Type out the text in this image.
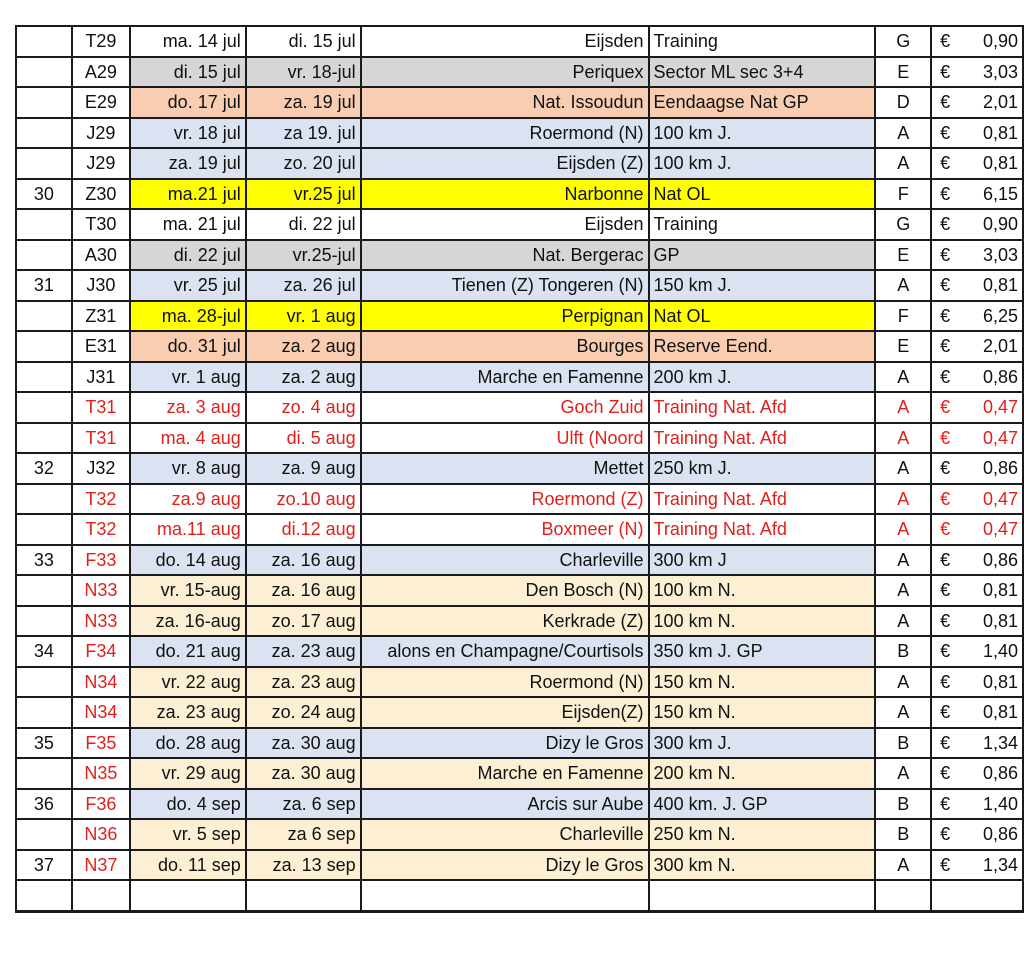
	T29	ma. 14 jul	di. 15 jul	Eijsden	Training	G	€ 0,90

	A29	di. 15 jul	vr. 18-jul	Periquex	Sector ML sec 3+4	E	€ 3,03

	E29	do. 17 jul	za. 19 jul	Nat. Issoudun	Eendaagse Nat GP	D	€ 2,01

	J29	vr. 18 jul	za 19. jul	Roermond (N)	100 km J.	A	€ 0,81

	J29	za. 19 jul	zo. 20 jul	Eijsden (Z)	100 km J.	A	€ 0,81

30	Z30	ma.21 jul	vr.25 jul	Narbonne	Nat OL	F	€ 6,15

	T30	ma. 21 jul	di. 22 jul	Eijsden	Training	G	€ 0,90

	A30	di. 22 jul	vr.25-jul	Nat. Bergerac	GP	E	€ 3,03

31	J30	vr. 25 jul	za. 26 jul	Tienen (Z) Tongeren (N)	150 km J.	A	€ 0,81

	Z31	ma. 28-jul	vr. 1 aug	Perpignan	Nat OL	F	€ 6,25

	E31	do. 31 jul	za. 2 aug	Bourges	Reserve Eend.	E	€ 2,01

	J31	vr. 1 aug	za. 2 aug	Marche en Famenne	200 km J.	A	€ 0,86

	T31	za. 3 aug	zo. 4 aug	Goch Zuid	Training Nat. Afd	A	€ 0,47

	T31	ma. 4 aug	di. 5 aug	Ulft (Noord	Training Nat. Afd	A	€ 0,47

32	J32	vr. 8 aug	za. 9 aug	Mettet	250 km J.	A	€ 0,86

	T32	za.9 aug	zo.10 aug	Roermond (Z)	Training Nat. Afd	A	€ 0,47

	T32	ma.11 aug	di.12 aug	Boxmeer (N)	Training Nat. Afd	A	€ 0,47

33	F33	do. 14 aug	za. 16 aug	Charleville	300 km J	A	€ 0,86

	N33	vr. 15-aug	za. 16 aug	Den Bosch (N)	100 km N.	A	€ 0,81

	N33	za. 16-aug	zo. 17 aug	Kerkrade (Z)	100 km N.	A	€ 0,81

34	F34	do. 21 aug	za. 23 aug	alons en Champagne/Courtisols	350 km J. GP	B	€ 1,40

	N34	vr. 22 aug	za. 23 aug	Roermond (N)	150 km N.	A	€ 0,81

	N34	za. 23 aug	zo. 24 aug	Eijsden(Z)	150 km N.	A	€ 0,81

35	F35	do. 28 aug	za. 30 aug	Dizy le Gros	300 km J.	B	€ 1,34

	N35	vr. 29 aug	za. 30 aug	Marche en Famenne	200 km N.	A	€ 0,86

36	F36	do. 4 sep	za. 6 sep	Arcis sur Aube	400 km. J. GP	B	€ 1,40

	N36	vr. 5 sep	za 6 sep	Charleville	250 km N.	B	€ 0,86

37	N37	do. 11 sep	za. 13 sep	Dizy le Gros	300 km N.	A	€ 1,34
